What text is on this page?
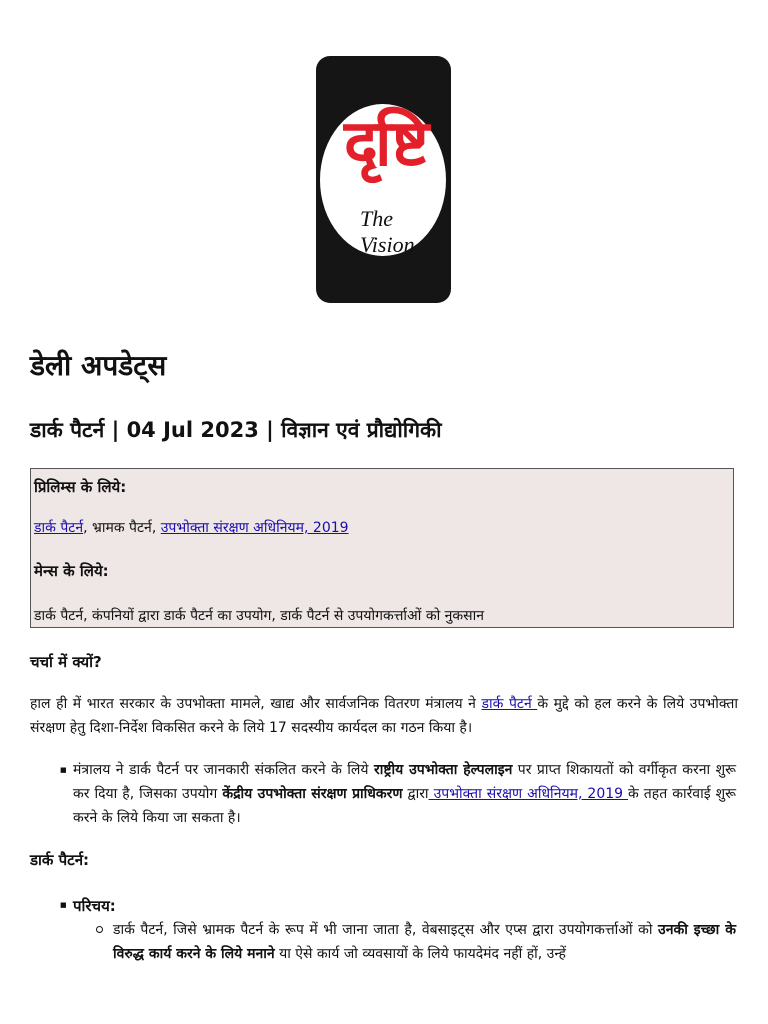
दृष्टि
The Vision
डेली अपडेट्स
डार्क पैटर्न | 04 Jul 2023 | विज्ञान एवं प्रौद्योगिकी
प्रिलिम्स के लिये:
डार्क पैटर्न, भ्रामक पैटर्न, उपभोक्ता संरक्षण अधिनियम, 2019
मेन्स के लिये:
डार्क पैटर्न, कंपनियों द्वारा डार्क पैटर्न का उपयोग, डार्क पैटर्न से उपयोगकर्त्ताओं को नुकसान
चर्चा में क्यों?
हाल ही में भारत सरकार के उपभोक्ता मामले, खाद्य और सार्वजनिक वितरण मंत्रालय ने डार्क पैटर्न के मुद्दे को हल करने के लिये उपभोक्ता संरक्षण हेतु दिशा-निर्देश विकसित करने के लिये 17 सदस्यीय कार्यदल का गठन किया है।
■ मंत्रालय ने डार्क पैटर्न पर जानकारी संकलित करने के लिये राष्ट्रीय उपभोक्ता हेल्पलाइन पर प्राप्त शिकायतों को वर्गीकृत करना शुरू कर दिया है, जिसका उपयोग केंद्रीय उपभोक्ता संरक्षण प्राधिकरण द्वारा उपभोक्ता संरक्षण अधिनियम, 2019 के तहत कार्रवाई शुरू करने के लिये किया जा सकता है।
डार्क पैटर्न:
■ परिचय:
डार्क पैटर्न, जिसे भ्रामक पैटर्न के रूप में भी जाना जाता है, वेबसाइट्स और एप्स द्वारा उपयोगकर्त्ताओं को उनकी इच्छा के विरुद्ध कार्य करने के लिये मनाने या ऐसे कार्य जो व्यवसायों के लिये फायदेमंद नहीं हों, उन्हें
